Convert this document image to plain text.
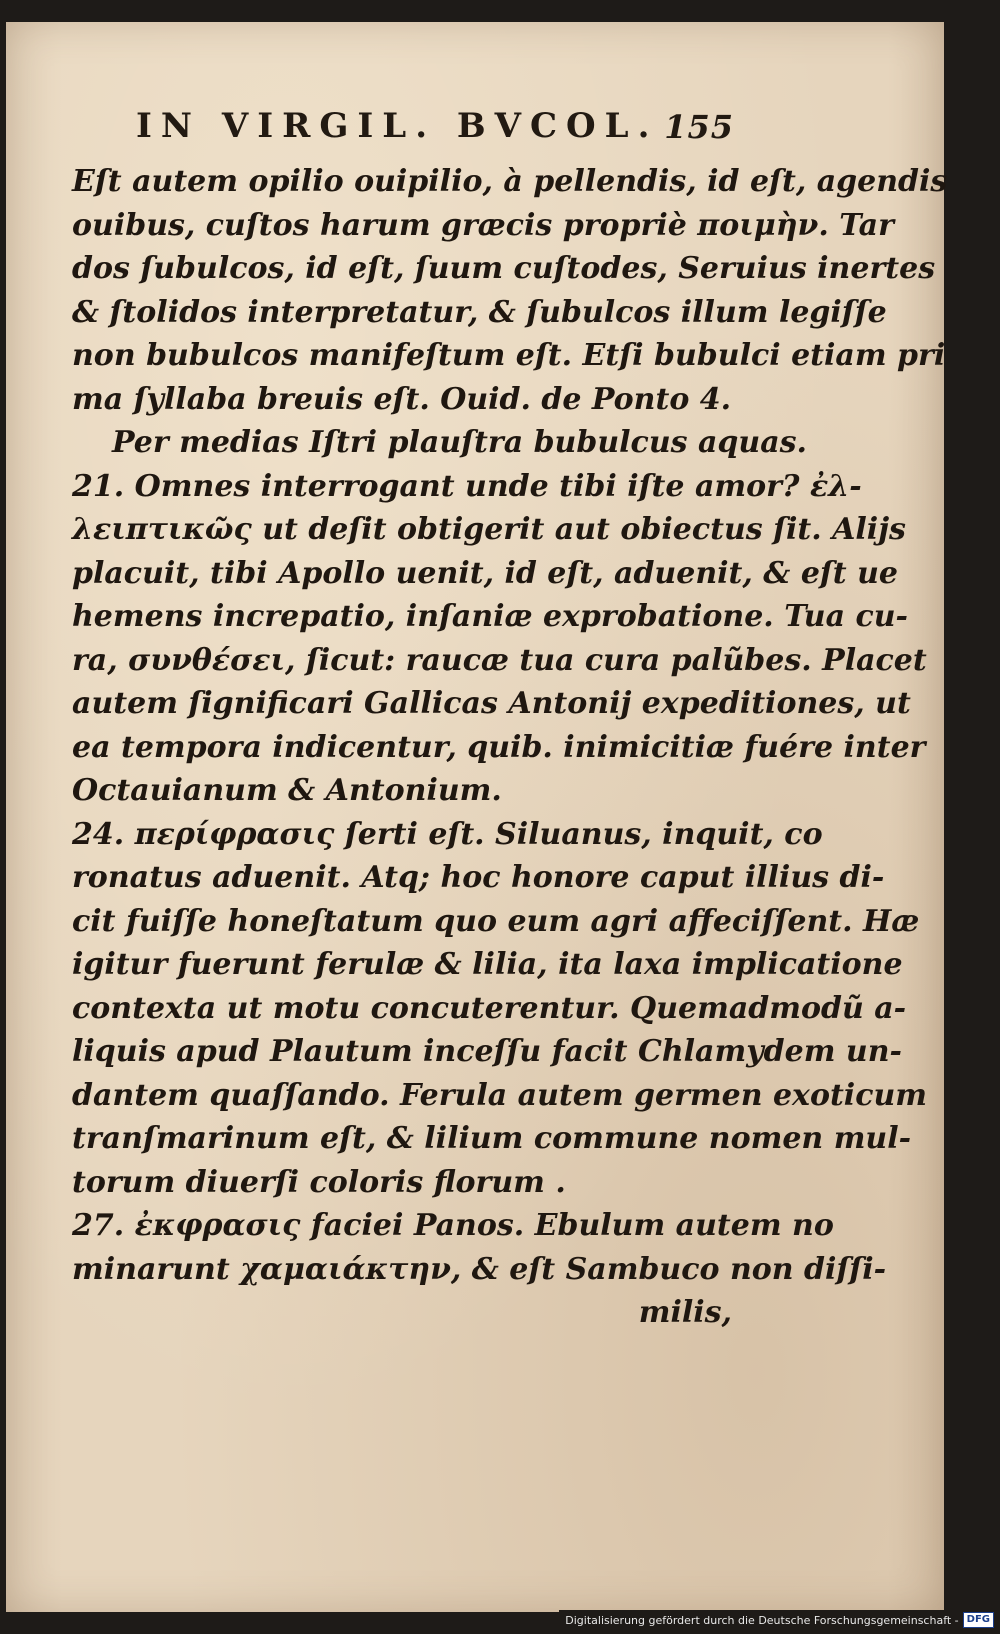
IN VIRGIL. BVCOL. 155
Eſt autem opilio ouipilio, à pellendis, id eſt, agendis
ouibus, cuſtos harum græcis propriè ποιμὴν. Tar
dos ſubulcos, id eſt, ſuum cuſtodes, Seruius inertes
& ſtolidos interpretatur, & ſubulcos illum legiſſe
non bubulcos manifeſtum eſt. Etſi bubulci etiam pri
ma ſyllaba breuis eſt. Ouid. de Ponto 4.
Per medias Iſtri plauſtra bubulcus aquas.
21. Omnes interrogant unde tibi iſte amor? ἐλ-
λειπτικῶς ut deſit obtigerit aut obiectus ſit. Alijs
placuit, tibi Apollo uenit, id eſt, aduenit, & eſt ue
hemens increpatio, inſaniæ exprobatione. Tua cu-
ra, συνθέσει, ſicut: raucæ tua cura palũbes. Placet
autem ſignificari Gallicas Antonij expeditiones, ut
ea tempora indicentur, quib. inimicitiæ fuére inter
Octauianum & Antonium.
24. περίφρασις ſerti eſt. Siluanus, inquit, co
ronatus aduenit. Atq; hoc honore caput illius di-
cit fuiſſe honeſtatum quo eum agri affeciſſent. Hæ
igitur fuerunt ferulæ & lilia, ita laxa implicatione
contexta ut motu concuterentur. Quemadmodũ a-
liquis apud Plautum inceſſu facit Chlamydem un-
dantem quaſſando. Ferula autem germen exoticum
tranſmarinum eſt, & lilium commune nomen mul-
torum diuerſi coloris florum .
27. ἐκφρασις faciei Panos. Ebulum autem no
minarunt χαμαιάκτην, & eſt Sambuco non diſſi-
milis,
Digitalisierung gefördert durch die Deutsche Forschungsgemeinschaft - DFG
